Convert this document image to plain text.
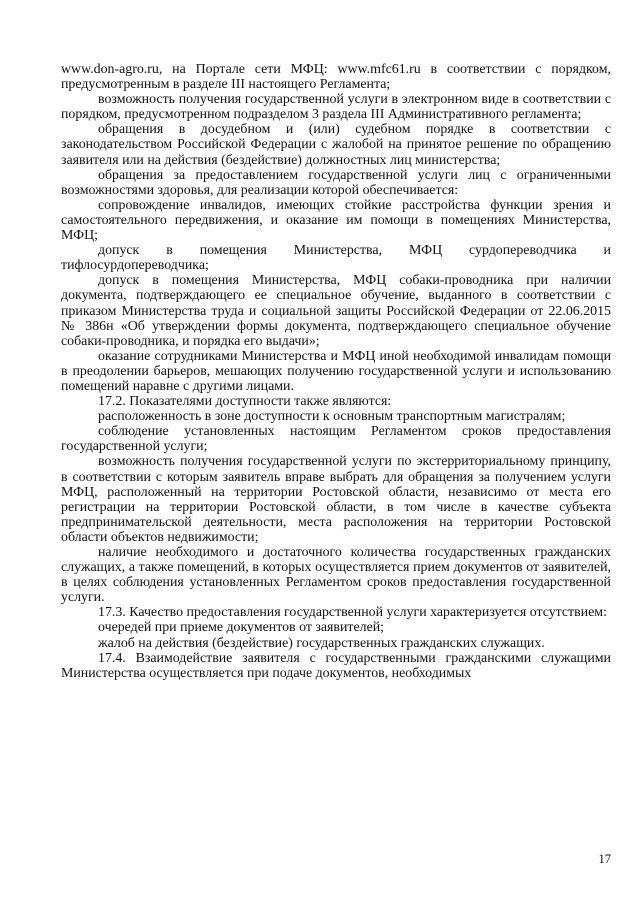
www.don-agro.ru, на Портале сети МФЦ: www.mfc61.ru в соответствии с порядком, предусмотренным в разделе III настоящего Регламента;

возможность получения государственной услуги в электронном виде в соответствии с порядком, предусмотренном подразделом 3 раздела III Административного регламента;

обращения в досудебном и (или) судебном порядке в соответствии с законодательством Российской Федерации с жалобой на принятое решение по обращению заявителя или на действия (бездействие) должностных лиц министерства;

обращения за предоставлением государственной услуги лиц с ограниченными возможностями здоровья, для реализации которой обеспечивается:

сопровождение инвалидов, имеющих стойкие расстройства функции зрения и самостоятельного передвижения, и оказание им помощи в помещениях Министерства, МФЦ;

допуск в помещения Министерства, МФЦ сурдопереводчика и тифлосурдопереводчика;

допуск в помещения Министерства, МФЦ собаки-проводника при наличии документа, подтверждающего ее специальное обучение, выданного в соответствии с приказом Министерства труда и социальной защиты Российской Федерации от 22.06.2015 № 386н «Об утверждении формы документа, подтверждающего специальное обучение собаки-проводника, и порядка его выдачи»;

оказание сотрудниками Министерства и МФЦ иной необходимой инвалидам помощи в преодолении барьеров, мешающих получению государственной услуги и использованию помещений наравне с другими лицами.

17.2. Показателями доступности также являются:

расположенность в зоне доступности к основным транспортным магистралям;

соблюдение установленных настоящим Регламентом сроков предоставления государственной услуги;

возможность получения государственной услуги по экстерриториальному принципу, в соответствии с которым заявитель вправе выбрать для обращения за получением услуги МФЦ, расположенный на территории Ростовской области, независимо от места его регистрации на территории Ростовской области, в том числе в качестве субъекта предпринимательской деятельности, места расположения на территории Ростовской области объектов недвижимости;

наличие необходимого и достаточного количества государственных гражданских служащих, а также помещений, в которых осуществляется прием документов от заявителей, в целях соблюдения установленных Регламентом сроков предоставления государственной услуги.

17.3. Качество предоставления государственной услуги характеризуется отсутствием:

очередей при приеме документов от заявителей;

жалоб на действия (бездействие) государственных гражданских служащих.

17.4. Взаимодействие заявителя с государственными гражданскими служащими Министерства осуществляется при подаче документов, необходимых

17
